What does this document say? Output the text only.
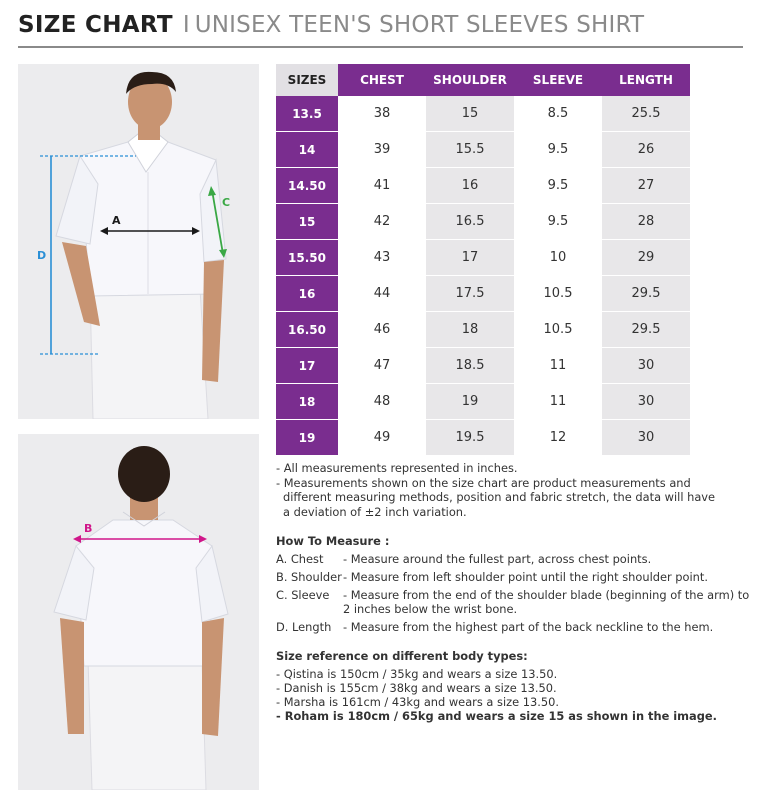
SIZE CHART I UNISEX TEEN'S SHORT SLEEVES SHIRT
A
C
D
B
SIZES	CHEST	SHOULDER	SLEEVE	LENGTH
13.5	38	15	8.5	25.5
14	39	15.5	9.5	26
14.50	41	16	9.5	27
15	42	16.5	9.5	28
15.50	43	17	10	29
16	44	17.5	10.5	29.5
16.50	46	18	10.5	29.5
17	47	18.5	11	30
18	48	19	11	30
19	49	19.5	12	30

- All measurements represented in inches.

- Measurements shown on the size chart are product measurements and

different measuring methods, position and fabric stretch, the data will have

a deviation of ±2 inch variation.

How To Measure :
A. Chest	- Measure around the fullest part, across chest points.
B. Shoulder - Measure from left shoulder point until the right shoulder point.
C. Sleeve	- Measure from the end of the shoulder blade (beginning of the arm) to 2 inches below the wrist bone.
D. Length	- Measure from the highest part of the back neckline to the hem.
Size reference on different body types:

- Qistina is 150cm / 35kg and wears a size 13.50.

- Danish is 155cm / 38kg and wears a size 13.50.

- Marsha is 161cm / 43kg and wears a size 13.50.

- Roham is 180cm / 65kg and wears a size 15 as shown in the image.
